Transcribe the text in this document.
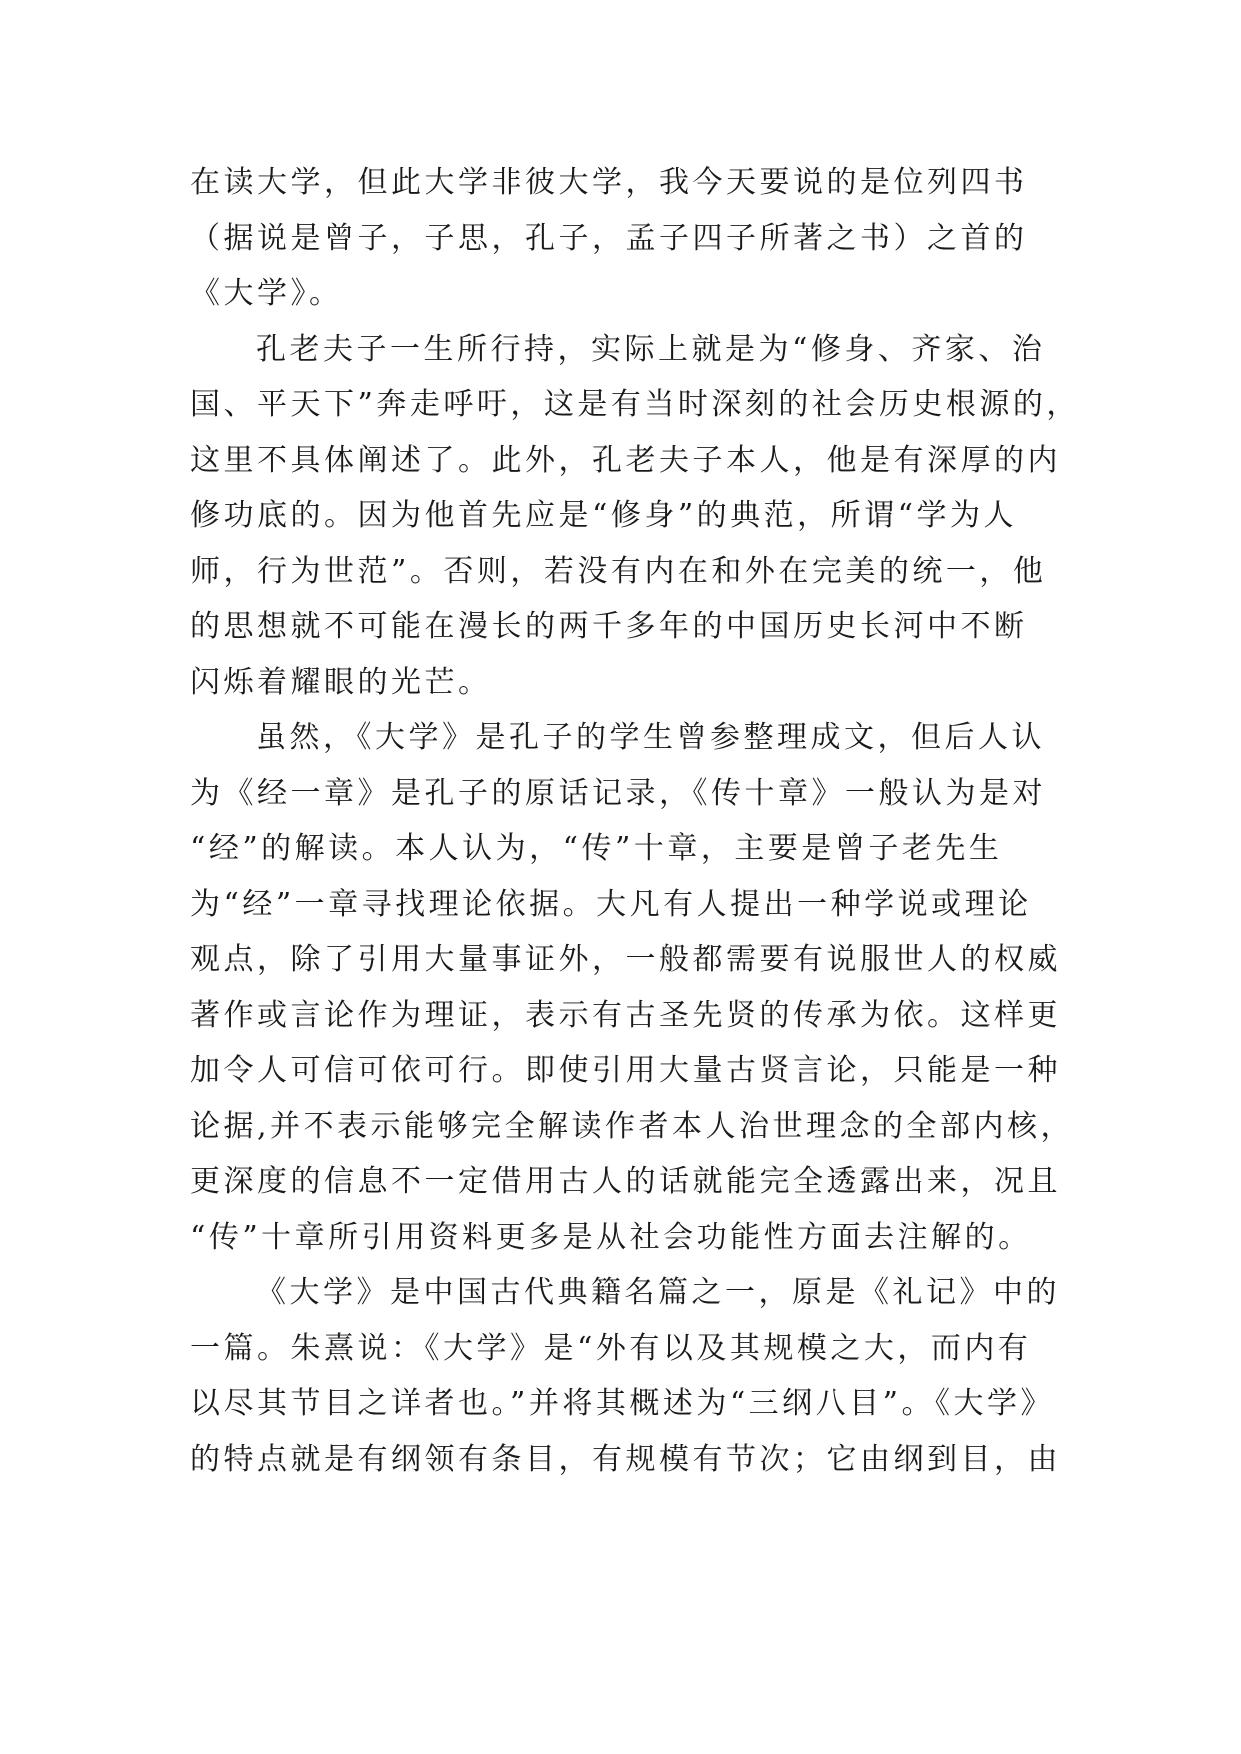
在读大学，但此大学非彼大学，我今天要说的是位列四书
（据说是曾子，子思，孔子，孟子四子所著之书）之首的
《大学》。
孔老夫子一生所行持，实际上就是为“修身、齐家、治
国、平天下”奔走呼吁，这是有当时深刻的社会历史根源的，
这里不具体阐述了。此外，孔老夫子本人，他是有深厚的内
修功底的。因为他首先应是“修身”的典范，所谓“学为人
师，行为世范”。否则，若没有内在和外在完美的统一，他
的思想就不可能在漫长的两千多年的中国历史长河中不断
闪烁着耀眼的光芒。
虽然，《大学》是孔子的学生曾参整理成文，但后人认
为《经一章》是孔子的原话记录，《传十章》一般认为是对
“经”的解读。本人认为，“传”十章，主要是曾子老先生
为“经”一章寻找理论依据。大凡有人提出一种学说或理论
观点，除了引用大量事证外，一般都需要有说服世人的权威
著作或言论作为理证，表示有古圣先贤的传承为依。这样更
加令人可信可依可行。即使引用大量古贤言论，只能是一种
论据,并不表示能够完全解读作者本人治世理念的全部内核，
更深度的信息不一定借用古人的话就能完全透露出来，况且
“传”十章所引用资料更多是从社会功能性方面去注解的。
《大学》是中国古代典籍名篇之一，原是《礼记》中的
一篇。朱熹说：《大学》是“外有以及其规模之大，而内有
以尽其节目之详者也。”并将其概述为“三纲八目”。《大学》
的特点就是有纲领有条目，有规模有节次；它由纲到目，由
